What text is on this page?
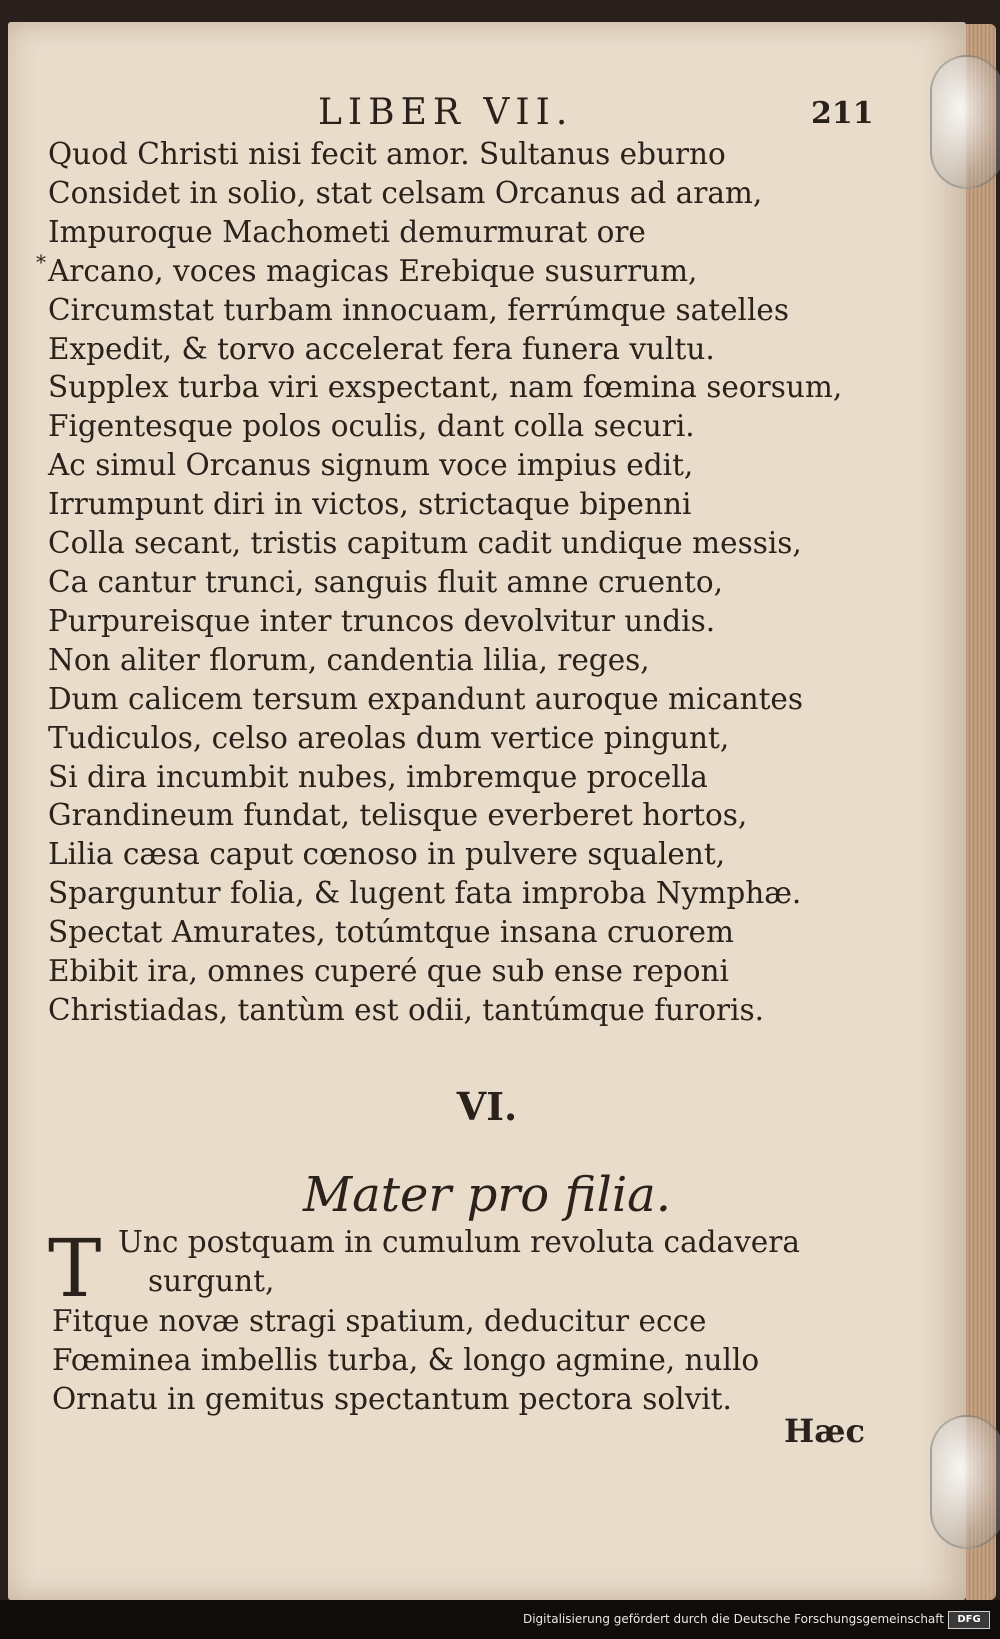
LIBER VII.	211
*
Quod Christi nisi fecit amor. Sultanus eburno
Considet in solio, stat celsam Orcanus ad aram,
Impuroque Machometi demurmurat ore
Arcano, voces magicas Erebique susurrum,
Circumstat turbam innocuam, ferrúmque satelles
Expedit, & torvo accelerat fera funera vultu.
Supplex turba viri exspectant, nam fœmina seorsum,
Figentesque polos oculis, dant colla securi.
Ac simul Orcanus signum voce impius edit,
Irrumpunt diri in victos, strictaque bipenni
Colla secant, tristis capitum cadit undique messis,
Ca cantur trunci, sanguis fluit amne cruento,
Purpureisque inter truncos devolvitur undis.
Non aliter florum, candentia lilia, reges,
Dum calicem tersum expandunt auroque micantes
Tudiculos, celso areolas dum vertice pingunt,
Si dira incumbit nubes, imbremque procella
Grandineum fundat, telisque everberet hortos,
Lilia cæsa caput cœnoso in pulvere squalent,
Sparguntur folia, & lugent fata improba Nymphæ.
Spectat Amurates, totúmtque insana cruorem
Ebibit ira, omnes cuperé que sub ense reponi
Christiadas, tantùm est odii, tantúmque furoris.
VI.
Mater pro filia.
T Unc postquam in cumulum revoluta cadavera
surgunt,
Fitque novæ stragi spatium, deducitur ecce
Fœminea imbellis turba, & longo agmine, nullo
Ornatu in gemitus spectantum pectora solvit.
Hæc
Digitalisierung gefördert durch die Deutsche Forschungsgemeinschaft	DFG
